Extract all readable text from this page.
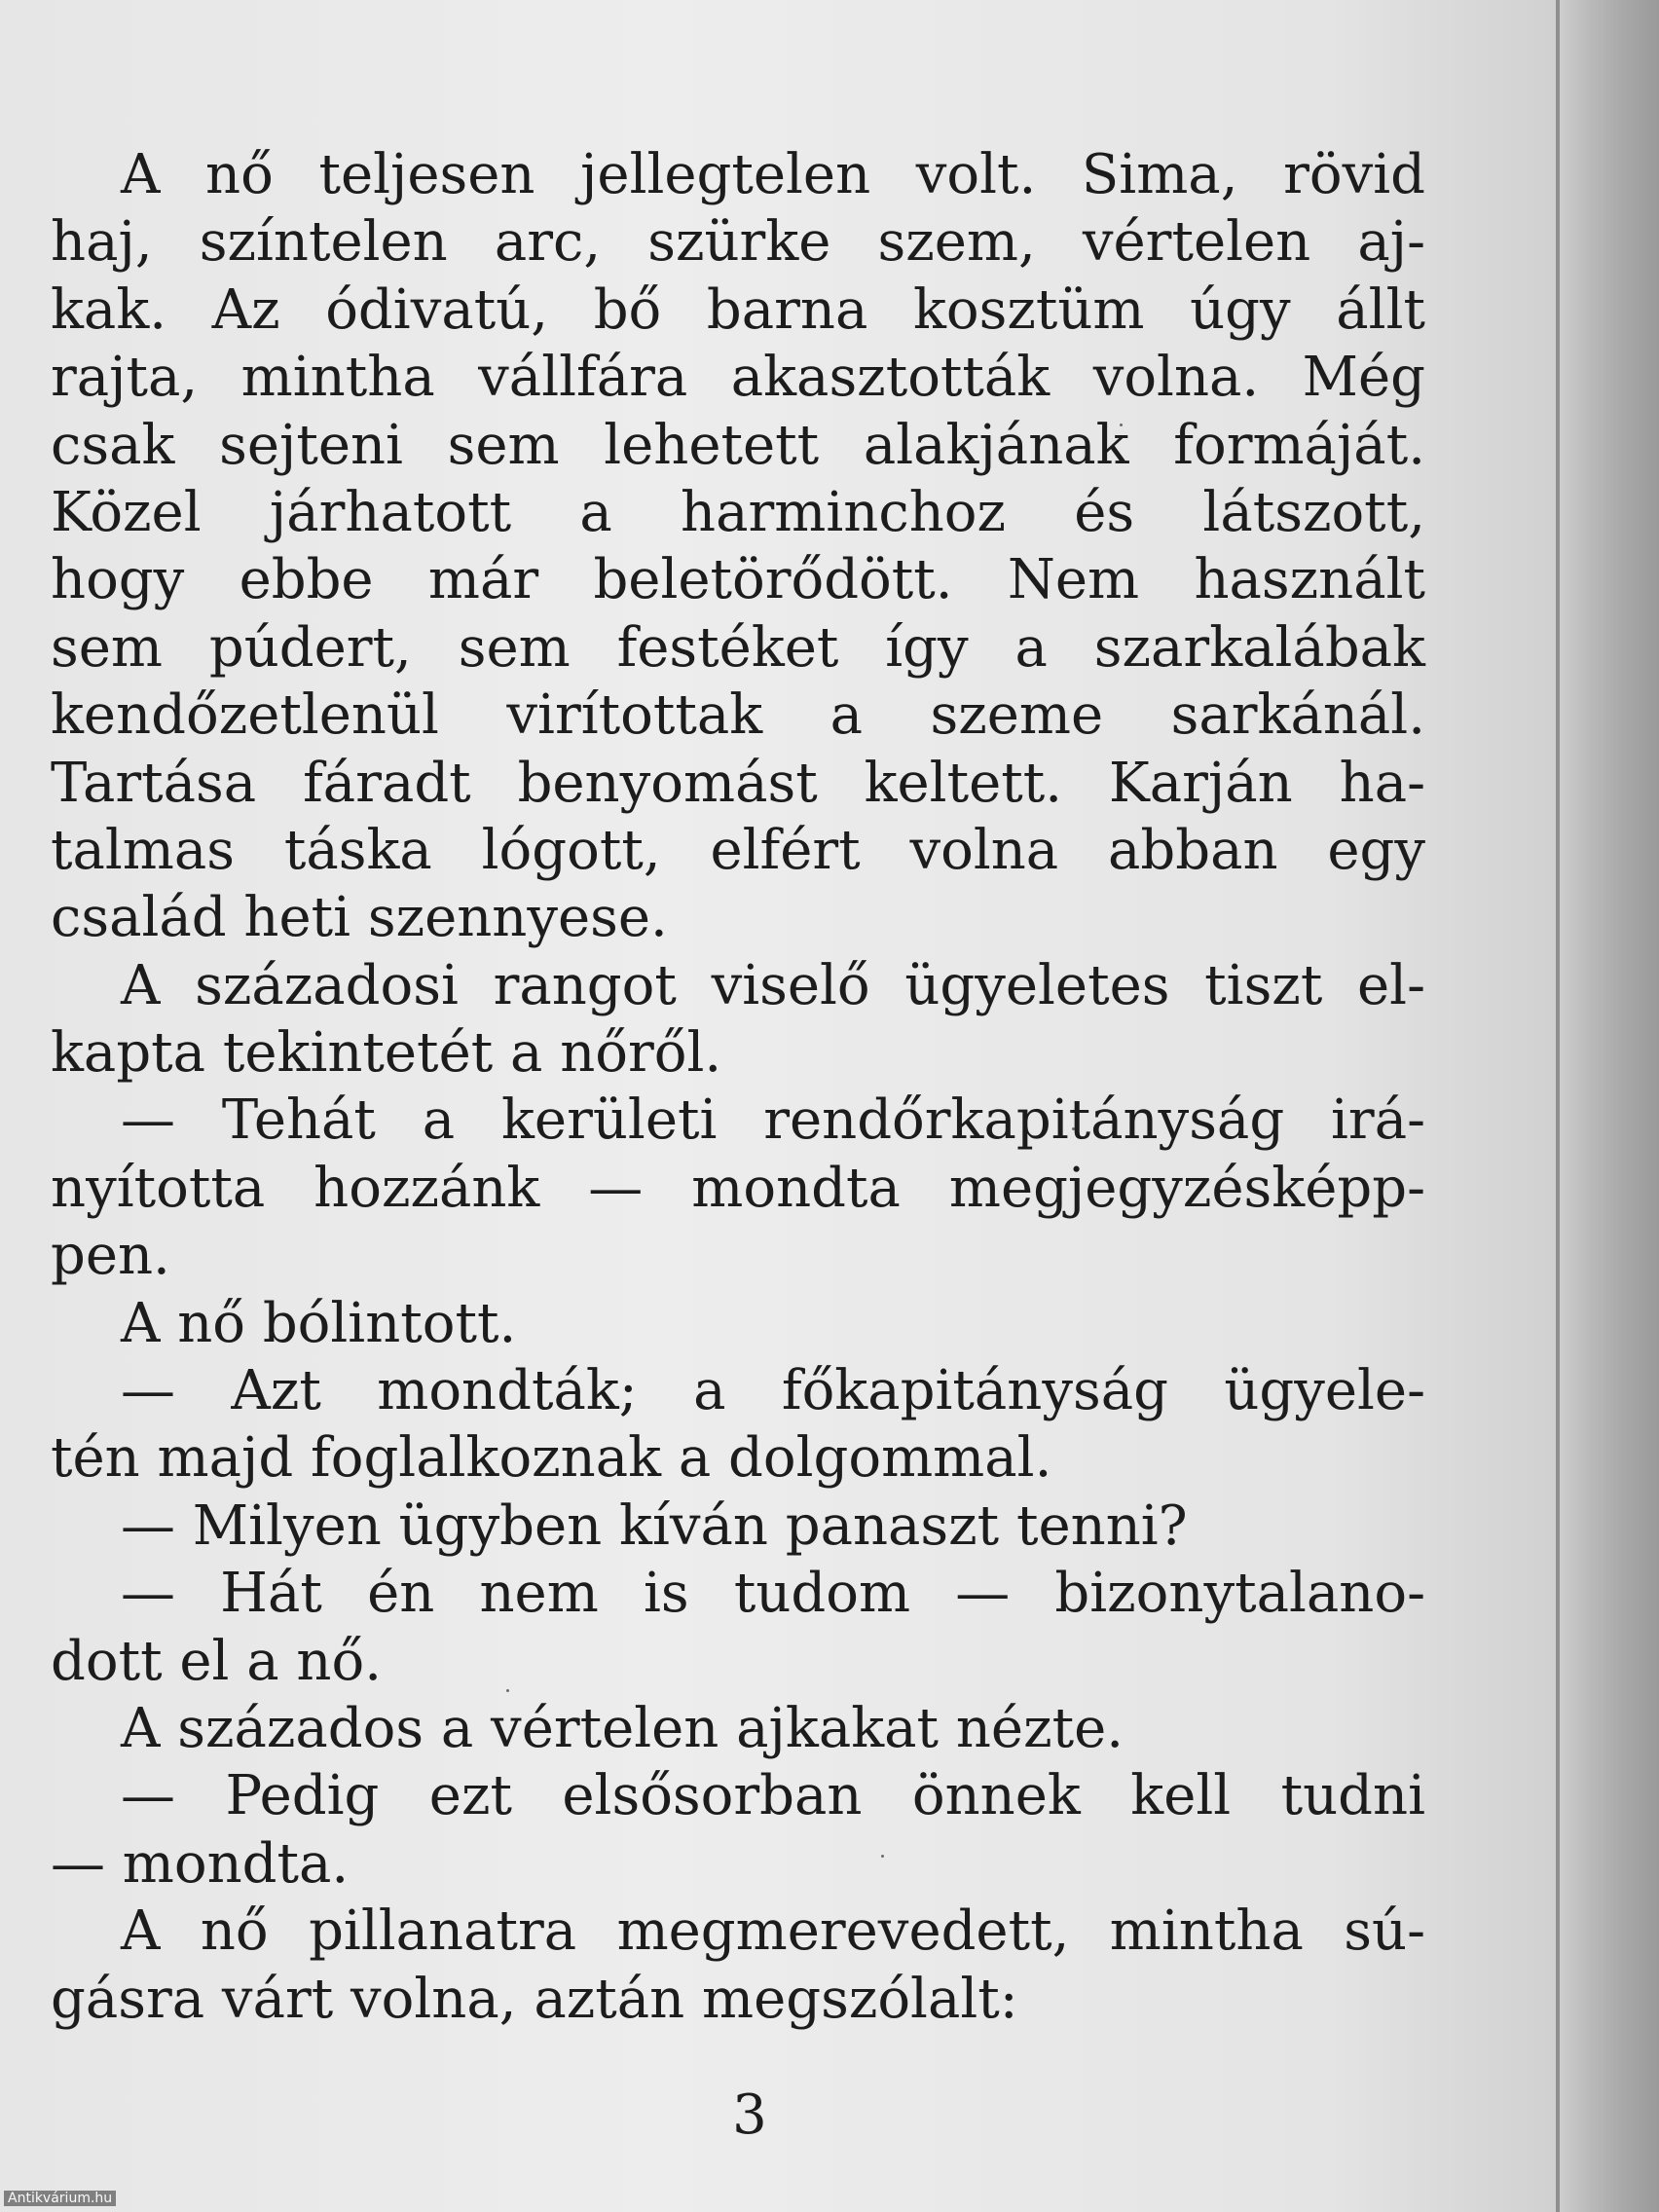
A nő teljesen jellegtelen volt. Sima, rövid
haj, színtelen arc, szürke szem, vértelen aj-
kak. Az ódivatú, bő barna kosztüm úgy állt
rajta, mintha vállfára akasztották volna. Még
csak sejteni sem lehetett alakjának formáját.
Közel járhatott a harminchoz és látszott,
hogy ebbe már beletörődött. Nem használt
sem púdert, sem festéket így a szarkalábak
kendőzetlenül virítottak a szeme sarkánál.
Tartása fáradt benyomást keltett. Karján ha-
talmas táska lógott, elfért volna abban egy
család heti szennyese.
A századosi rangot viselő ügyeletes tiszt el-
kapta tekintetét a nőről.
— Tehát a kerületi rendőrkapitányság irá-
nyította hozzánk — mondta megjegyzésképp-
pen.
A nő bólintott.
— Azt mondták; a főkapitányság ügyele-
tén majd foglalkoznak a dolgommal.
— Milyen ügyben kíván panaszt tenni?
— Hát én nem is tudom — bizonytalano-
dott el a nő.
A százados a vértelen ajkakat nézte.
— Pedig ezt elsősorban önnek kell tudni
— mondta.
A nő pillanatra megmerevedett, mintha sú-
gásra várt volna, aztán megszólalt:
3
Antikvárium.hu
